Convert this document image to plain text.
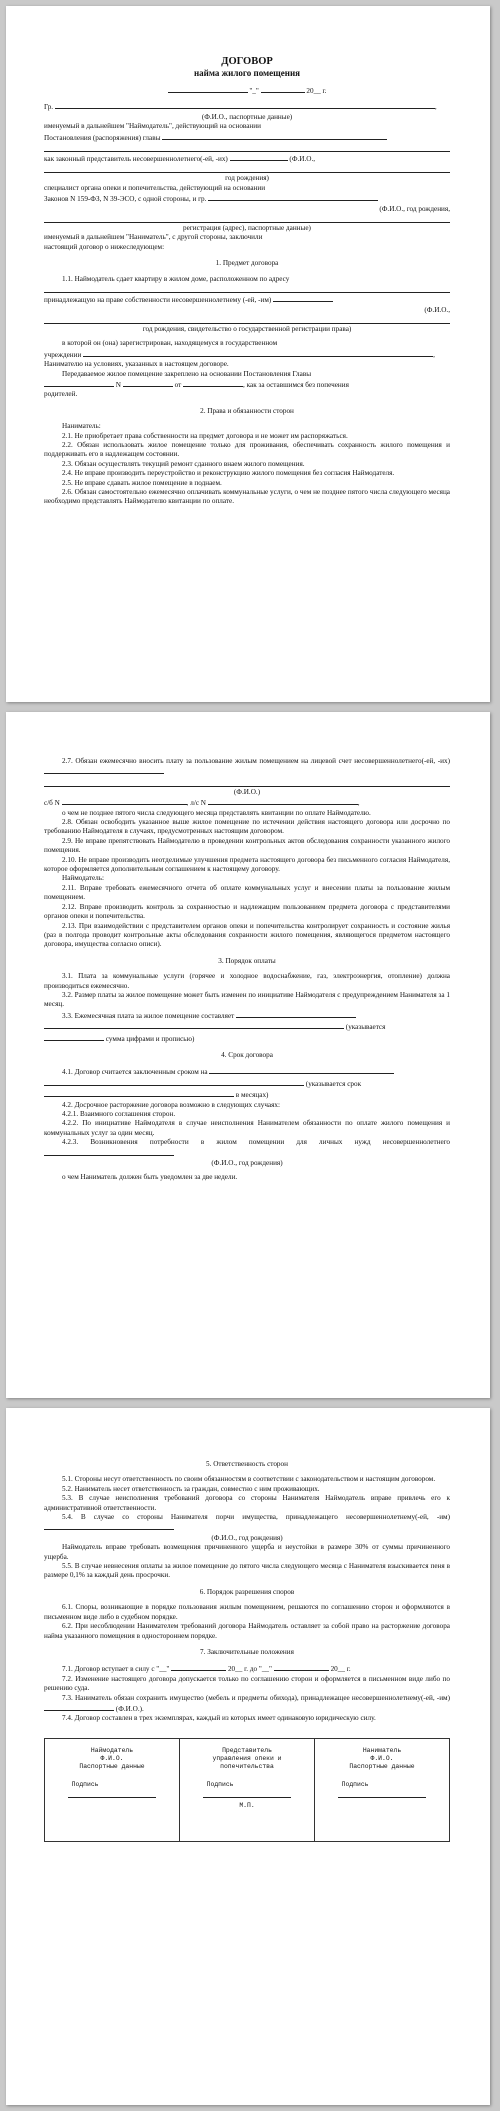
ДОГОВОР

найма жилого помещения

"_"	20__ г.
Гр.	,
(Ф.И.О., паспортные данные)
именуемый в дальнейшем "Наймодатель", действующий на основании
Постановления (распоряжения) главы
как законный представитель несовершеннолетнего(-ей, -их)	(Ф.И.О.,
год рождения)
специалист органа опеки и попечительства, действующий на основании
Законов N 159-ФЗ, N 39-ЭСО, с одной стороны, и гр.
(Ф.И.О., год рождения,
регистрация (адрес), паспортные данные)
именуемый в дальнейшем "Наниматель", с другой стороны, заключили
настоящий договор о нижеследующем:
1. Предмет договора
1.1. Наймодатель сдает квартиру в жилом доме, расположенном по адресу
принадлежащую на праве собственности несовершеннолетнему (-ей, -им)
(Ф.И.О.,
год рождения, свидетельство о государственной регистрации права)
в которой он (она) зарегистрирован, находящемуся в государственном
учреждении	,
Нанимателю на условиях, указанных в настоящем договоре.
Передаваемое жилое помещение закреплено на основании Постановления Главы
N	от	, как за оставшимся без попечения
родителей.
2. Права и обязанности сторон
Наниматель:
2.1. Не приобретает права собственности на предмет договора и не может им распоряжаться.
2.2. Обязан использовать жилое помещение только для проживания, обеспечивать сохранность жилого помещения и поддерживать его в надлежащем состоянии.
2.3. Обязан осуществлять текущий ремонт сданного внаем жилого помещения.
2.4. Не вправе производить переустройство и реконструкцию жилого помещения без согласия Наймодателя.
2.5. Не вправе сдавать жилое помещение в поднаем.
2.6. Обязан самостоятельно ежемесячно оплачивать коммунальные услуги, о чем не позднее пятого числа следующего месяца необходимо представлять Наймодателю квитанции по оплате.
2.7. Обязан ежемесячно вносить плату за пользование жилым помещением на лицевой счет несовершеннолетнего(-ей, -их)
(Ф.И.О.)
с/б N	, л/с N	,
о чем не позднее пятого числа следующего месяца представлять квитанции по оплате Наймодателю.
2.8. Обязан освободить указанное выше жилое помещение по истечении действия настоящего договора или досрочно по требованию Наймодателя в случаях, предусмотренных настоящим договором.
2.9. Не вправе препятствовать Наймодателю в проведении контрольных актов обследования сохранности указанного жилого помещения.
2.10. Не вправе производить неотделимые улучшения предмета настоящего договора без письменного согласия Наймодателя, которое оформляется дополнительным соглашением к настоящему договору.
Наймодатель:
2.11. Вправе требовать ежемесячного отчета об оплате коммунальных услуг и внесении платы за пользование жилым помещением.
2.12. Вправе производить контроль за сохранностью и надлежащим пользованием предмета договора с представителями органов опеки и попечительства.
2.13. При взаимодействии с представителем органов опеки и попечительства контролирует сохранность и состояние жилья (раз в полгода проводит контрольные акты обследования сохранности жилого помещения, являющегося предметом настоящего договора, имущества согласно описи).
3. Порядок оплаты
3.1. Плата за коммунальные услуги (горячее и холодное водоснабжение, газ, электроэнергия, отопление) должна производиться ежемесячно.
3.2. Размер платы за жилое помещение может быть изменен по инициативе Наймодателя с предупреждением Нанимателя за 1 месяц.
3.3. Ежемесячная плата за жилое помещение составляет
(указывается
сумма цифрами и прописью)
4. Срок договора
4.1. Договор считается заключенным сроком на
(указывается срок
в месяцах)
4.2. Досрочное расторжение договора возможно в следующих случаях:
4.2.1. Взаимного соглашения сторон.
4.2.2. По инициативе Наймодателя в случае неисполнения Нанимателем обязанности по оплате жилого помещения и коммунальных услуг за один месяц.
4.2.3. Возникновения потребности в жилом помещении для личных нужд несовершеннолетнего
(Ф.И.О., год рождения)
о чем Наниматель должен быть уведомлен за две недели.
5. Ответственность сторон
5.1. Стороны несут ответственность по своим обязанностям в соответствии с законодательством и настоящим договором.
5.2. Наниматель несет ответственность за граждан, совместно с ним проживающих.
5.3. В случае неисполнения требований договора со стороны Нанимателя Наймодатель вправе привлечь его к административной ответственности.
5.4. В случае со стороны Нанимателя порчи имущества, принадлежащего несовершеннолетнему(-ей, -им)
(Ф.И.О., год рождения)
Наймодатель вправе требовать возмещения причиненного ущерба и неустойки в размере 30% от суммы причиненного ущерба.
5.5. В случае невнесения оплаты за жилое помещение до пятого числа следующего месяца с Нанимателя взыскивается пеня в размере 0,1% за каждый день просрочки.
6. Порядок разрешения споров
6.1. Споры, возникающие в порядке пользования жилым помещением, решаются по соглашению сторон и оформляются в письменном виде либо в судебном порядке.
6.2. При несоблюдении Нанимателем требований договора Наймодатель оставляет за собой право на расторжение договора найма указанного помещения в одностороннем порядке.
7. Заключительные положения
7.1. Договор вступает в силу с "__"	20__ г. до "__"	20__ г.
7.2. Изменение настоящего договора допускается только по соглашению сторон и оформляется в письменном виде либо по решению суда.
7.3. Наниматель обязан сохранить имущество (мебель и предметы обихода), принадлежащее несовершеннолетнему(-ей, -им)  (Ф.И.О.).
7.4. Договор составлен в трех экземплярах, каждый из которых имеет одинаковую юридическую силу.
Наймодатель
Ф.И.О.
Паспортные данные
Подпись

Представитель
управления опеки и
попечительства
Подпись
М.П.

Наниматель
Ф.И.О.
Паспортные данные
Подпись
